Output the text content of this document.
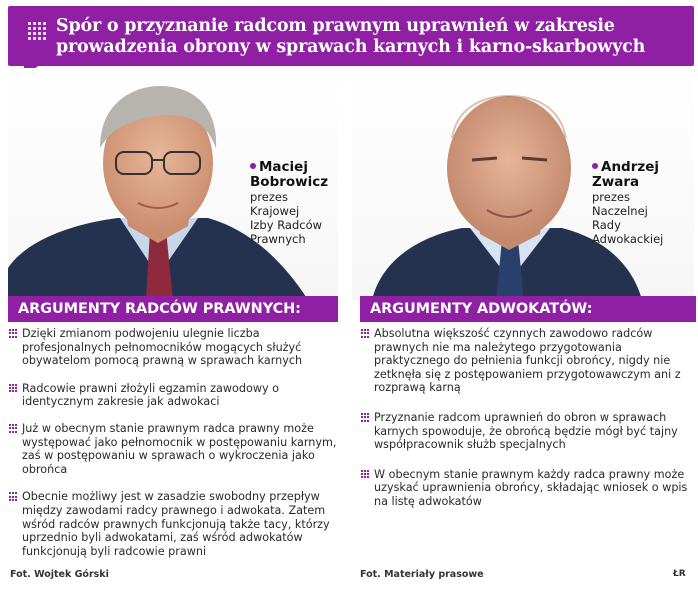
Spór o przyznanie radcom prawnym uprawnień w zakresie prowadzenia obrony w sprawach karnych i karno-skarbowych
Maciej
Bobrowicz
prezes
Krajowej
Izby Radców
Prawnych
Andrzej
Zwara
prezes
Naczelnej
Rady
Adwokackiej
ARGUMENTY RADCÓW PRAWNYCH:	ARGUMENTY ADWOKATÓW:
Dzięki zmianom podwojeniu ulegnie liczba profesjonalnych pełnomocników mogących służyć obywatelom pomocą prawną w sprawach karnych
Radcowie prawni złożyli egzamin zawodowy o identycznym zakresie jak adwokaci
Już w obecnym stanie prawnym radca prawny może występować jako pełnomocnik w postępowaniu karnym, zaś w postępowaniu w sprawach o wykroczenia jako obrońca
Obecnie możliwy jest w zasadzie swobodny przepływ między zawodami radcy prawnego i adwokata. Zatem wśród radców prawnych funkcjonują także tacy, którzy uprzednio byli adwokatami, zaś wśród adwokatów funkcjonują byli radcowie prawni
Absolutna większość czynnych zawodowo radców prawnych nie ma należytego przygotowania praktycznego do pełnienia funkcji obrońcy, nigdy nie zetknęła się z postępowaniem przygotowawczym ani z rozprawą karną
Przyznanie radcom uprawnień do obron w sprawach karnych spowoduje, że obrońcą będzie mógł być tajny współpracownik służb specjalnych
W obecnym stanie prawnym każdy radca prawny może uzyskać uprawnienia obrońcy, składając wniosek o wpis na listę adwokatów
Fot. Wojtek Górski	Fot. Materiały prasowe	ŁR
